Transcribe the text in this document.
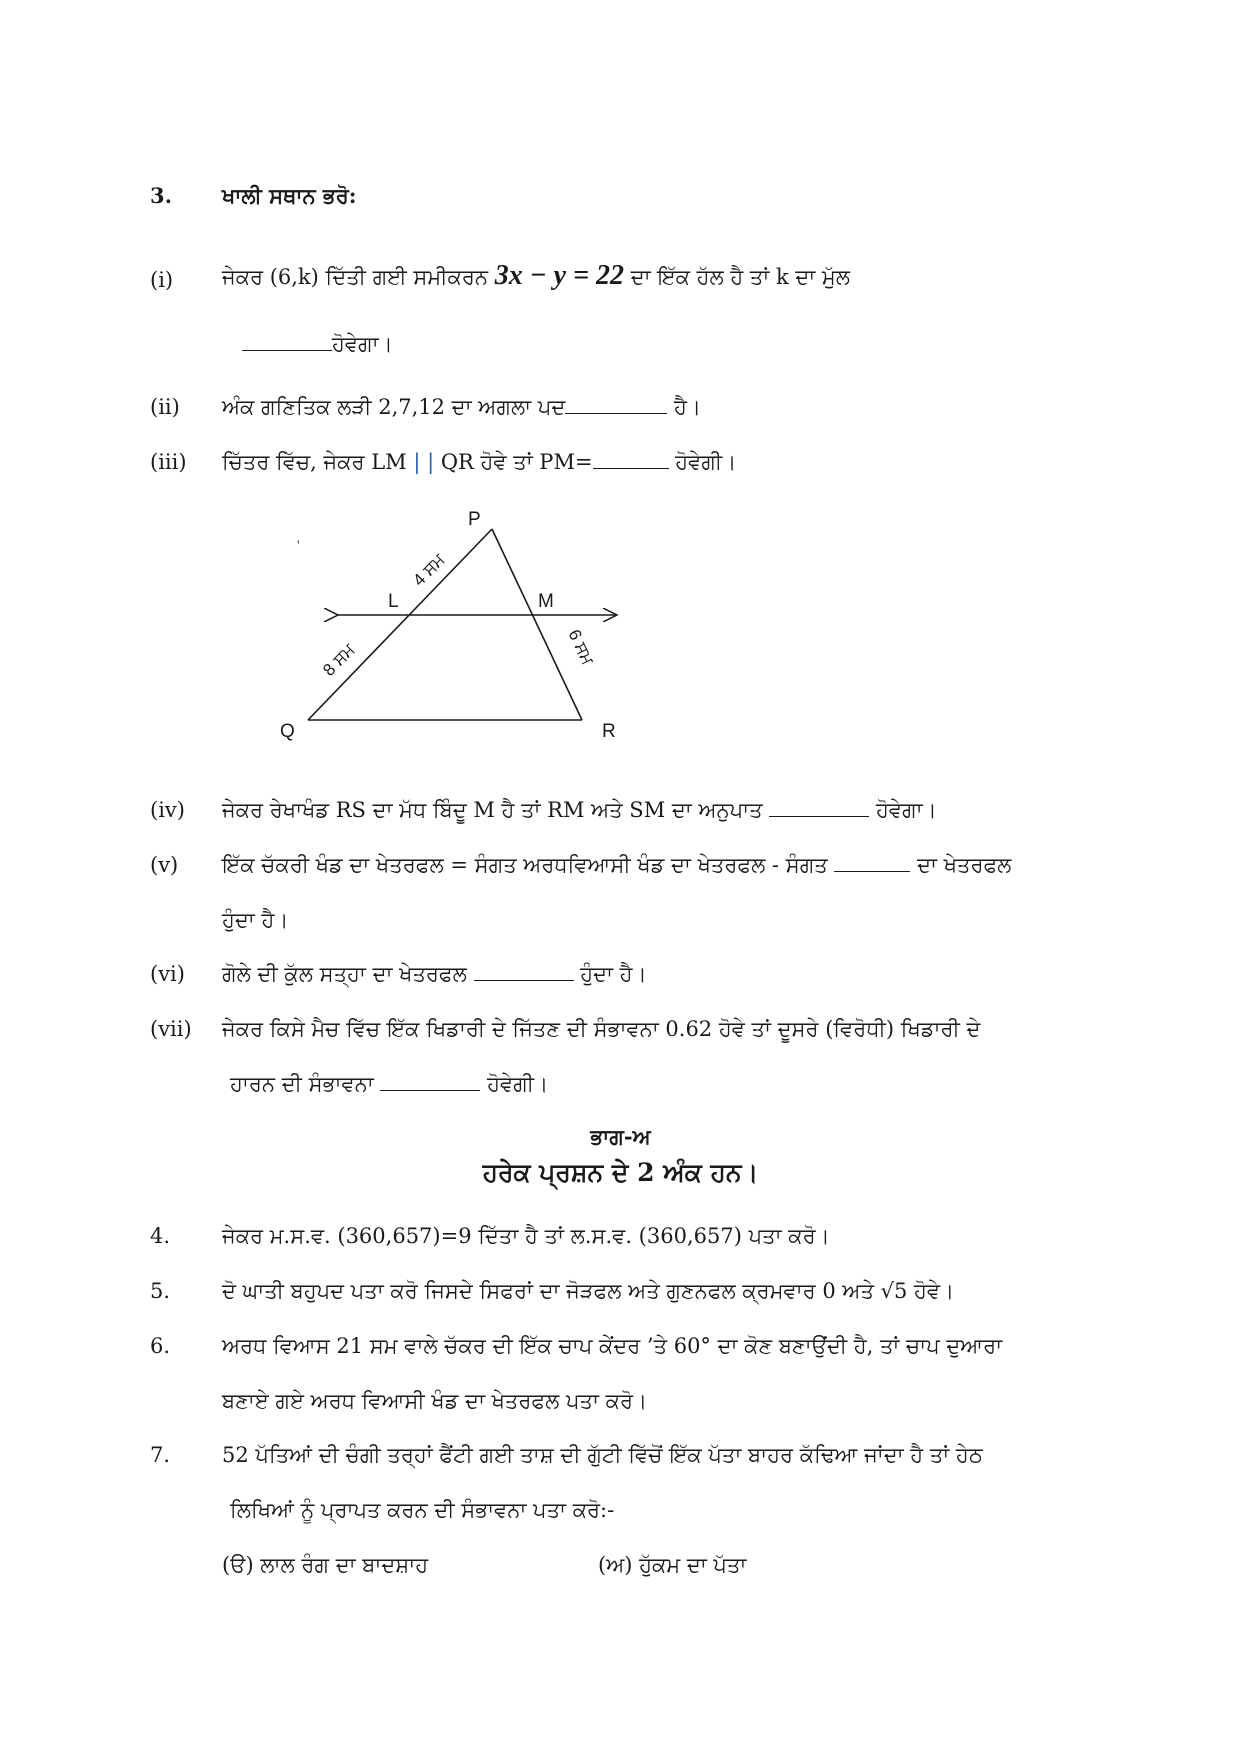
3. ਖਾਲੀ ਸਥਾਨ ਭਰੋ:
(i) ਜੇਕਰ (6,k) ਦਿੱਤੀ ਗਈ ਸਮੀਕਰਨ 3x − y = 22 ਦਾ ਇੱਕ ਹੱਲ ਹੈ ਤਾਂ k ਦਾ ਮੁੱਲ
ਹੋਵੇਗਾ।
(ii) ਅੰਕ ਗਣਿਤਿਕ ਲੜੀ 2,7,12 ਦਾ ਅਗਲਾ ਪਦ	ਹੈ।
(iii) ਚਿੱਤਰ ਵਿੱਚ, ਜੇਕਰ LM | | QR ਹੋਵੇ ਤਾਂ PM=	ਹੋਵੇਗੀ।
'
P
Q	R
L	M
4 ਸਮ
8 ਸਮ	6 ਸਮ
(iv) ਜੇਕਰ ਰੇਖਾਖੰਡ RS ਦਾ ਮੱਧ ਬਿੰਦੂ M ਹੈ ਤਾਂ RM ਅਤੇ SM ਦਾ ਅਨੁਪਾਤ	ਹੋਵੇਗਾ।
(v) ਇੱਕ ਚੱਕਰੀ ਖੰਡ ਦਾ ਖੇਤਰਫਲ = ਸੰਗਤ ਅਰਧਵਿਆਸੀ ਖੰਡ ਦਾ ਖੇਤਰਫਲ - ਸੰਗਤ	ਦਾ ਖੇਤਰਫਲ
ਹੁੰਦਾ ਹੈ।
(vi) ਗੋਲੇ ਦੀ ਕੁੱਲ ਸਤ੍ਹਾ ਦਾ ਖੇਤਰਫਲ	ਹੁੰਦਾ ਹੈ।
(vii) ਜੇਕਰ ਕਿਸੇ ਮੈਚ ਵਿੱਚ ਇੱਕ ਖਿਡਾਰੀ ਦੇ ਜਿੱਤਣ ਦੀ ਸੰਭਾਵਨਾ 0.62 ਹੋਵੇ ਤਾਂ ਦੂਸਰੇ (ਵਿਰੋਧੀ) ਖਿਡਾਰੀ ਦੇ
ਹਾਰਨ ਦੀ ਸੰਭਾਵਨਾ	ਹੋਵੇਗੀ।
ਭਾਗ-ਅ
ਹਰੇਕ ਪ੍ਰਸ਼ਨ ਦੇ 2 ਅੰਕ ਹਨ।
4. ਜੇਕਰ ਮ.ਸ.ਵ. (360,657)=9 ਦਿੱਤਾ ਹੈ ਤਾਂ ਲ.ਸ.ਵ. (360,657) ਪਤਾ ਕਰੋ।
5. ਦੋ ਘਾਤੀ ਬਹੁਪਦ ਪਤਾ ਕਰੋ ਜਿਸਦੇ ਸਿਫਰਾਂ ਦਾ ਜੋੜਫਲ ਅਤੇ ਗੁਣਨਫਲ ਕ੍ਰਮਵਾਰ 0 ਅਤੇ √5 ਹੋਵੇ।
6. ਅਰਧ ਵਿਆਸ 21 ਸਮ ਵਾਲੇ ਚੱਕਰ ਦੀ ਇੱਕ ਚਾਪ ਕੇਂਦਰ ’ਤੇ 60° ਦਾ ਕੋਣ ਬਣਾਉਂਦੀ ਹੈ, ਤਾਂ ਚਾਪ ਦੁਆਰਾ
ਬਣਾਏ ਗਏ ਅਰਧ ਵਿਆਸੀ ਖੰਡ ਦਾ ਖੇਤਰਫਲ ਪਤਾ ਕਰੋ।
7. 52 ਪੱਤਿਆਂ ਦੀ ਚੰਗੀ ਤਰ੍ਹਾਂ ਫੈਂਟੀ ਗਈ ਤਾਸ਼ ਦੀ ਗੁੱਟੀ ਵਿੱਚੋਂ ਇੱਕ ਪੱਤਾ ਬਾਹਰ ਕੱਢਿਆ ਜਾਂਦਾ ਹੈ ਤਾਂ ਹੇਠ
ਲਿਖਿਆਂ ਨੂੰ ਪ੍ਰਾਪਤ ਕਰਨ ਦੀ ਸੰਭਾਵਨਾ ਪਤਾ ਕਰੋ:-
(ੳ) ਲਾਲ ਰੰਗ ਦਾ ਬਾਦਸ਼ਾਹ	(ਅ) ਹੁੱਕਮ ਦਾ ਪੱਤਾ
